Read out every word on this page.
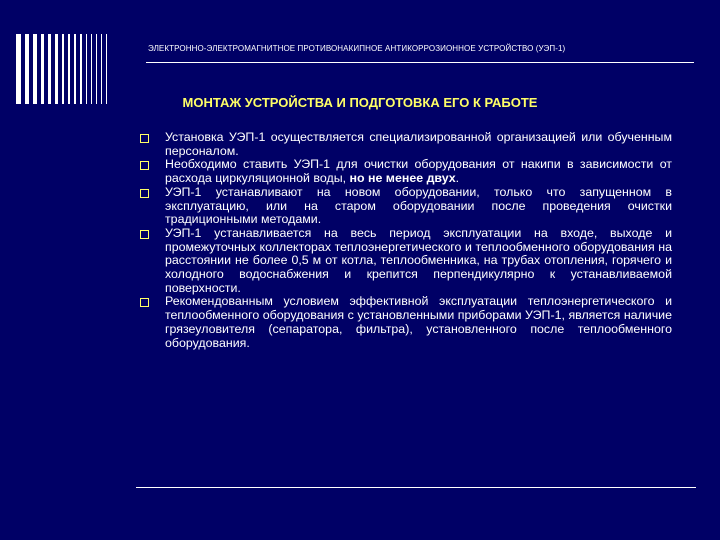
ЭЛЕКТРОННО-ЭЛЕКТРОМАГНИТНОЕ ПРОТИВОНАКИПНОЕ АНТИКОРРОЗИОННОЕ УСТРОЙСТВО (УЭП-1)
МОНТАЖ УСТРОЙСТВА И ПОДГОТОВКА ЕГО К РАБОТЕ
Установка УЭП-1 осуществляется специализированной организацией или обученным персоналом.
Необходимо ставить УЭП-1 для очистки оборудования от накипи в зависимости от расхода циркуляционной воды, но не менее двух.
УЭП-1 устанавливают на новом оборудовании, только что запущенном в эксплуатацию, или на старом оборудовании после проведения очистки традиционными методами.
УЭП-1 устанавливается на весь период эксплуатации на входе, выходе и промежуточных коллекторах теплоэнергетического и теплообменного оборудования на расстоянии не более 0,5 м от котла, теплообменника, на трубах отопления, горячего и холодного водоснабжения и крепится перпендикулярно к устанавливаемой поверхности.
Рекомендованным условием эффективной эксплуатации теплоэнергетического и теплообменного оборудования с установленными приборами УЭП-1, является наличие грязеуловителя (сепаратора, фильтра), установленного после теплообменного оборудования.
